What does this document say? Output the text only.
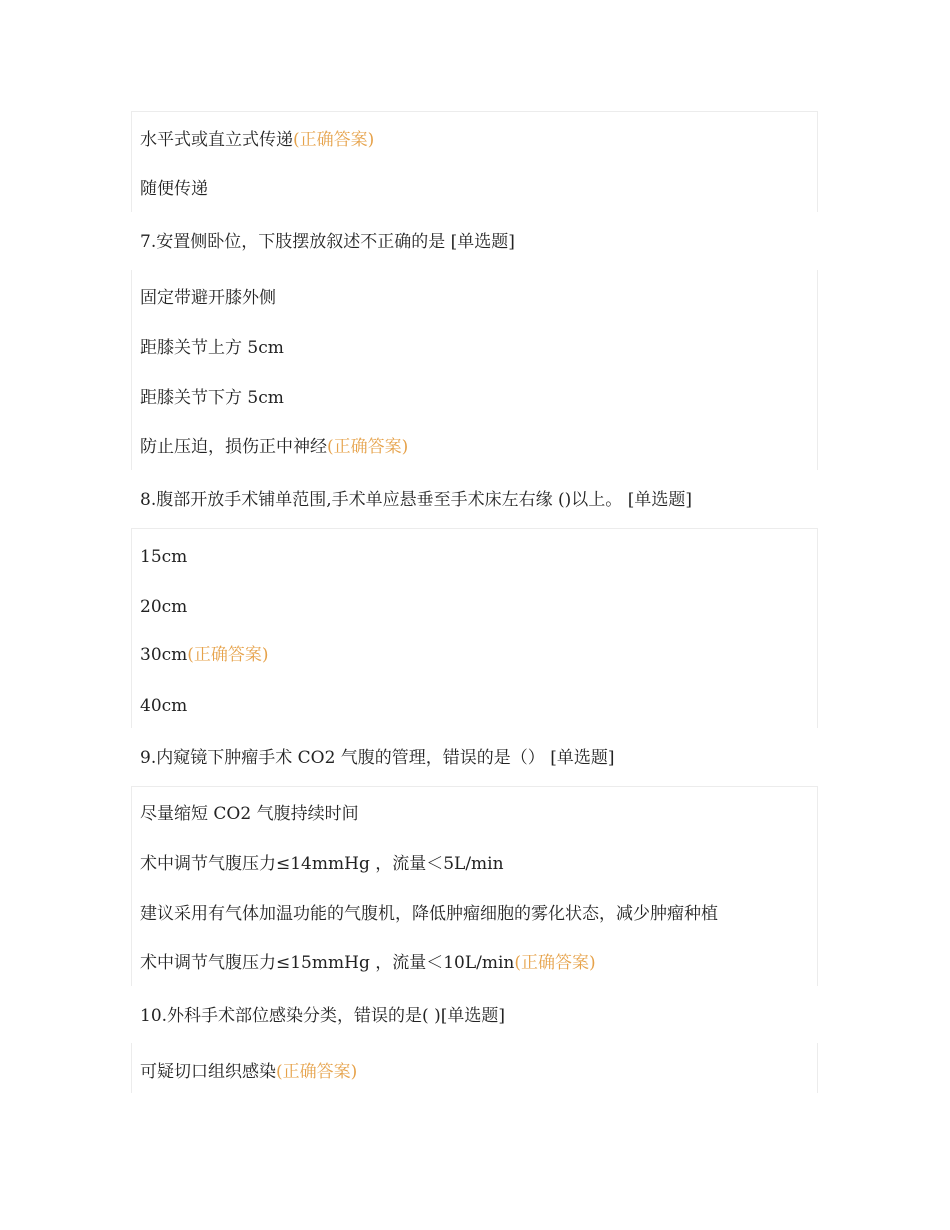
水平式或直立式传递(正确答案)
随便传递
7.安置侧卧位，下肢摆放叙述不正确的是 [单选题]
固定带避开膝外侧
距膝关节上方 5cm
距膝关节下方 5cm
防止压迫，损伤正中神经(正确答案)
8.腹部开放手术铺单范围,手术单应悬垂至手术床左右缘 ()以上。 [单选题]
15cm
20cm
30cm(正确答案)
40cm
9.内窥镜下肿瘤手术 CO2 气腹的管理，错误的是（） [单选题]
尽量缩短 CO2 气腹持续时间
术中调节气腹压力≤14mmHg ，流量＜5L/min
建议采用有气体加温功能的气腹机，降低肿瘤细胞的雾化状态，减少肿瘤种植
术中调节气腹压力≤15mmHg ，流量＜10L/min(正确答案)
10.外科手术部位感染分类，错误的是( )[单选题]
可疑切口组织感染(正确答案)
